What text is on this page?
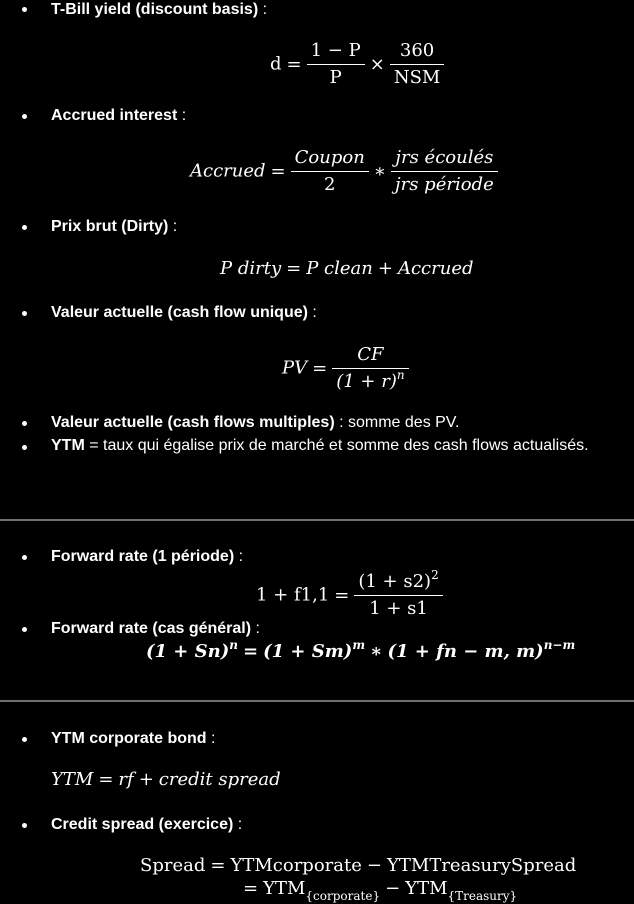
T-Bill yield (discount basis) :
$d = \frac{1 - P}{P} \times \frac{360}{\text{NSM}}$
Accrued interest :
Accrued = $\frac{\text{Coupon}}{2}$ ∗ $\frac{\text{jrs écoulés}}{\text{jrs période}}$
Prix brut (Dirty) :
P dirty = P clean + Accrued
Valeur actuelle (cash flow unique) :
PV = $\frac{CF}{(1 + r)^n}$
Valeur actuelle (cash flows multiples) : somme des PV.
YTM = taux qui égalise prix de marché et somme des cash flows actualisés.
Forward rate (1 période) :
$1 + f1,1 = \frac{(1 + s2)^2}{1 + s1}$
Forward rate (cas général) :
$(1 + Sn)^n = (1 + Sm)^m$ ∗ (1 + fn − m, m)$^{n-m}$
YTM corporate bond :
YTM = rf + credit spread
Credit spread (exercice) :
Spread = YTMcorporate − YTMTreasurySpread
= $YTM_{\{corporate\}} - YTM_{\{Treasury\}}$
